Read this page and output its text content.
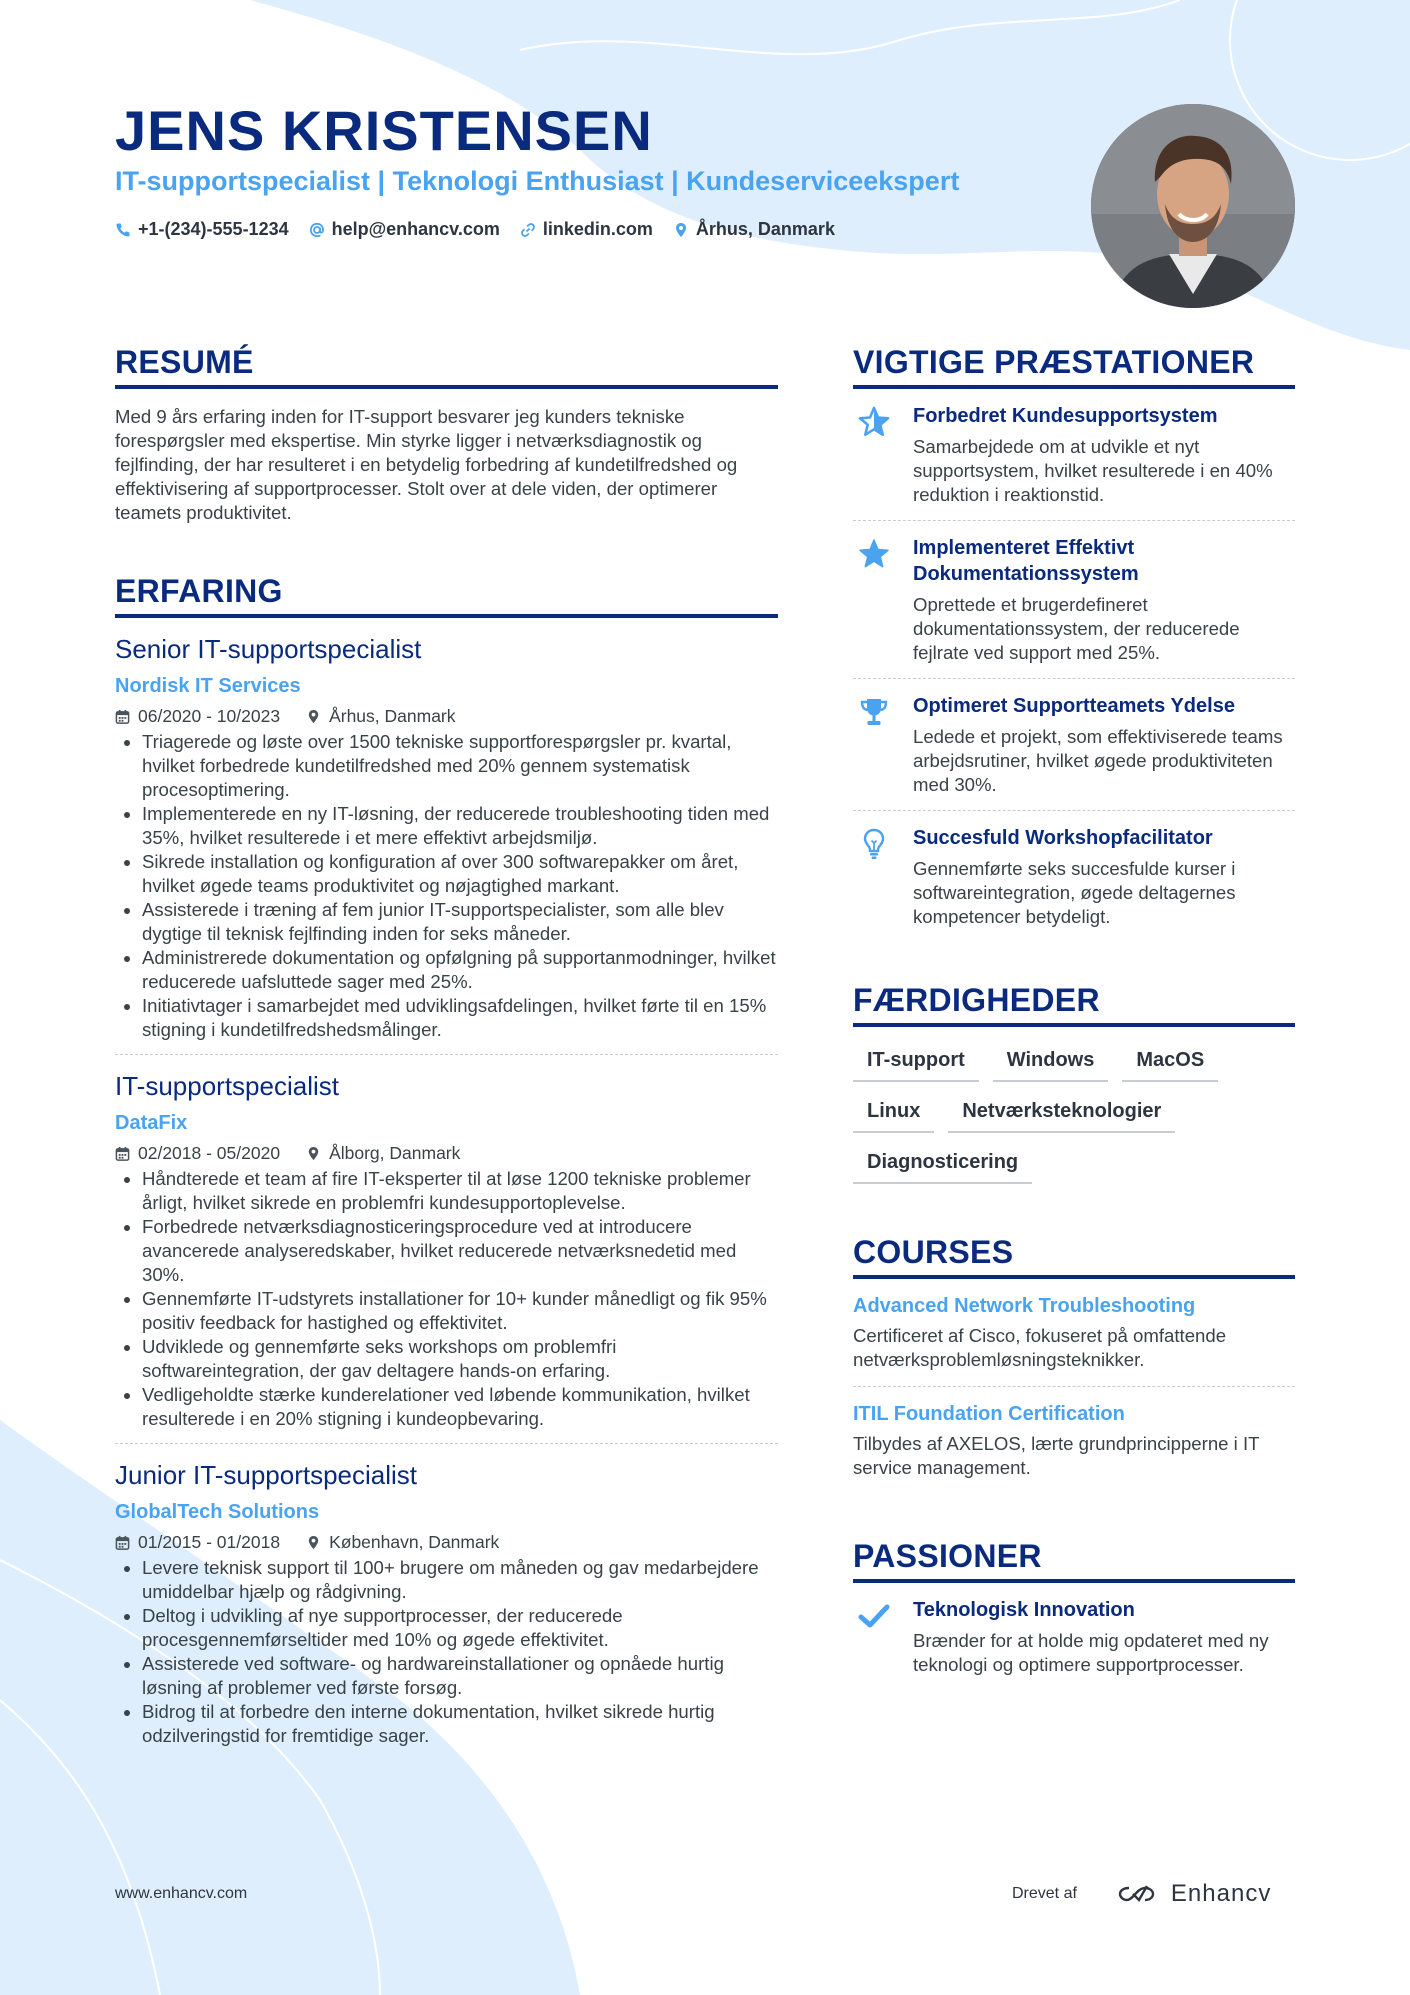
JENS KRISTENSEN
IT-supportspecialist | Teknologi Enthusiast | Kundeserviceekspert
+1-(234)-555-1234 help@enhancv.com linkedin.com Århus, Danmark
RESUMÉ

Med 9 års erfaring inden for IT-support besvarer jeg kunders tekniske forespørgsler med ekspertise. Min styrke ligger i netværksdiagnostik og fejlfinding, der har resulteret i en betydelig forbedring af kundetilfredshed og effektivisering af supportprocesser. Stolt over at dele viden, der optimerer teamets produktivitet.

ERFARING
Senior IT-supportspecialist
Nordisk IT Services
06/2020 - 10/2023	Århus, Danmark
Triagerede og løste over 1500 tekniske supportforespørgsler pr. kvartal, hvilket forbedrede kundetilfredshed med 20% gennem systematisk procesoptimering.
Implementerede en ny IT-løsning, der reducerede troubleshooting tiden med 35%, hvilket resulterede i et mere effektivt arbejdsmiljø.
Sikrede installation og konfiguration af over 300 softwarepakker om året, hvilket øgede teams produktivitet og nøjagtighed markant.
Assisterede i træning af fem junior IT-supportspecialister, som alle blev dygtige til teknisk fejlfinding inden for seks måneder.
Administrerede dokumentation og opfølgning på supportanmodninger, hvilket reducerede uafsluttede sager med 25%.
Initiativtager i samarbejdet med udviklingsafdelingen, hvilket førte til en 15% stigning i kundetilfredshedsmålinger.
IT-supportspecialist
DataFix
02/2018 - 05/2020	Ålborg, Danmark
Håndterede et team af fire IT-eksperter til at løse 1200 tekniske problemer årligt, hvilket sikrede en problemfri kundesupportoplevelse.
Forbedrede netværksdiagnosticeringsprocedure ved at introducere avancerede analyseredskaber, hvilket reducerede netværksnedetid med 30%.
Gennemførte IT-udstyrets installationer for 10+ kunder månedligt og fik 95% positiv feedback for hastighed og effektivitet.
Udviklede og gennemførte seks workshops om problemfri softwareintegration, der gav deltagere hands-on erfaring.
Vedligeholdte stærke kunderelationer ved løbende kommunikation, hvilket resulterede i en 20% stigning i kundeopbevaring.
Junior IT-supportspecialist
GlobalTech Solutions
01/2015 - 01/2018	København, Danmark
Levere teknisk support til 100+ brugere om måneden og gav medarbejdere umiddelbar hjælp og rådgivning.
Deltog i udvikling af nye supportprocesser, der reducerede procesgennemførseltider med 10% og øgede effektivitet.
Assisterede ved software- og hardwareinstallationer og opnåede hurtig løsning af problemer ved første forsøg.
Bidrog til at forbedre den interne dokumentation, hvilket sikrede hurtig odzilveringstid for fremtidige sager.
VIGTIGE PRÆSTATIONER
Forbedret Kundesupportsystem
Samarbejdede om at udvikle et nyt supportsystem, hvilket resulterede i en 40% reduktion i reaktionstid.
Implementeret Effektivt Dokumentationssystem
Oprettede et brugerdefineret dokumentationssystem, der reducerede fejlrate ved support med 25%.
Optimeret Supportteamets Ydelse
Ledede et projekt, som effektiviserede teams arbejdsrutiner, hvilket øgede produktiviteten med 30%.
Succesfuld Workshopfacilitator
Gennemførte seks succesfulde kurser i softwareintegration, øgede deltagernes kompetencer betydeligt.
FÆRDIGHEDER
IT-support	Windows	MacOS
Linux	Netværksteknologier
Diagnosticering
COURSES
Advanced Network Troubleshooting
Certificeret af Cisco, fokuseret på omfattende netværksproblemløsningsteknikker.
ITIL Foundation Certification
Tilbydes af AXELOS, lærte grundprincipperne i IT service management.
PASSIONER
Teknologisk Innovation
Brænder for at holde mig opdateret med ny teknologi og optimere supportprocesser.
www.enhancv.com	Drevet af	Enhancv
